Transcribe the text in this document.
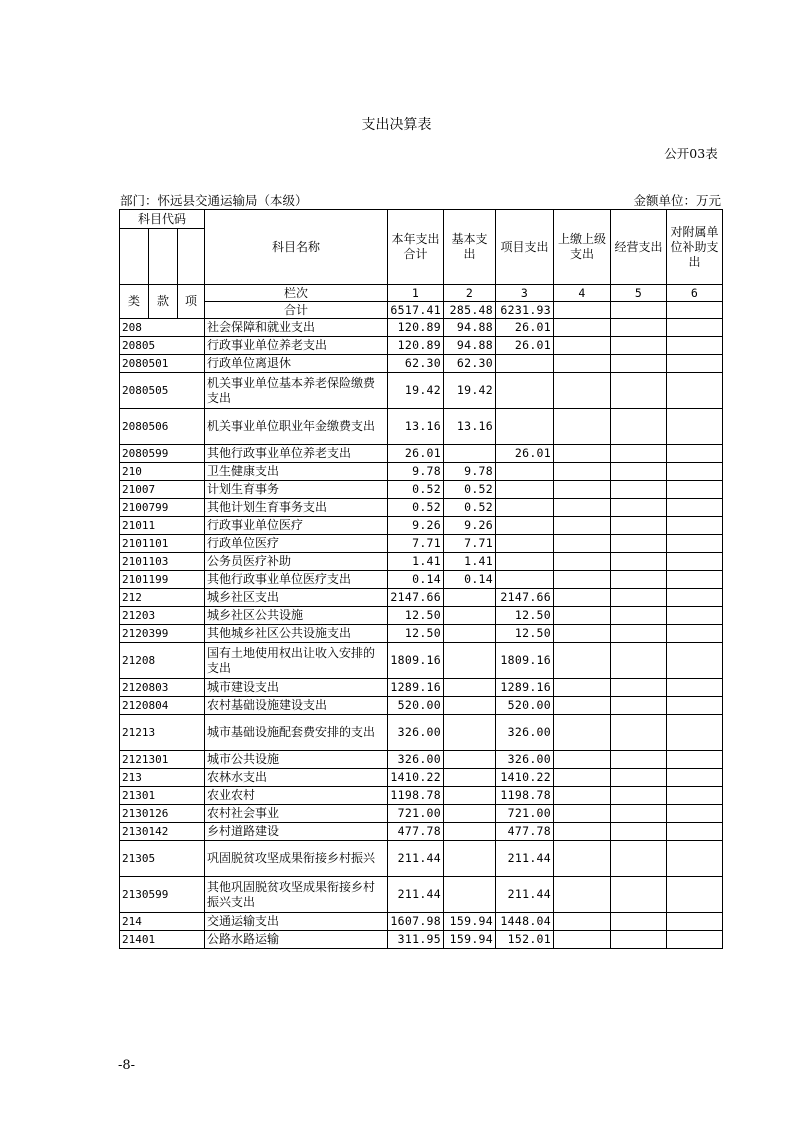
支出决算表
公开03表
部门：怀远县交通运输局（本级）	金额单位：万元
科目代码			科目名称	本年支出合计	基本支出	项目支出	上缴上级支出	经营支出	对附属单位补助支出

类	款	项	栏次	1	2	3	4	5	6
			合计	6517.41	285.48	6231.93			
208			社会保障和就业支出	120.89	94.88	26.01			
20805			行政事业单位养老支出	120.89	94.88	26.01			
2080501			行政单位离退休	62.30	62.30				
2080505			机关事业单位基本养老保险缴费支出	19.42	19.42				
2080506			机关事业单位职业年金缴费支出	13.16	13.16				
2080599			其他行政事业单位养老支出	26.01		26.01			
210			卫生健康支出	9.78	9.78				
21007			计划生育事务	0.52	0.52				
2100799			其他计划生育事务支出	0.52	0.52				
21011			行政事业单位医疗	9.26	9.26				
2101101			行政单位医疗	7.71	7.71				
2101103			公务员医疗补助	1.41	1.41				
2101199			其他行政事业单位医疗支出	0.14	0.14				
212			城乡社区支出	2147.66		2147.66			
21203			城乡社区公共设施	12.50		12.50			
2120399			其他城乡社区公共设施支出	12.50		12.50			
21208			国有土地使用权出让收入安排的支出	1809.16		1809.16			
2120803			城市建设支出	1289.16		1289.16			
2120804			农村基础设施建设支出	520.00		520.00			
21213			城市基础设施配套费安排的支出	326.00		326.00			
2121301			城市公共设施	326.00		326.00			
213			农林水支出	1410.22		1410.22			
21301			农业农村	1198.78		1198.78			
2130126			农村社会事业	721.00		721.00			
2130142			乡村道路建设	477.78		477.78			
21305			巩固脱贫攻坚成果衔接乡村振兴	211.44		211.44			
2130599			其他巩固脱贫攻坚成果衔接乡村振兴支出	211.44		211.44			
214			交通运输支出	1607.98	159.94	1448.04			
21401			公路水路运输	311.95	159.94	152.01			
-8-
